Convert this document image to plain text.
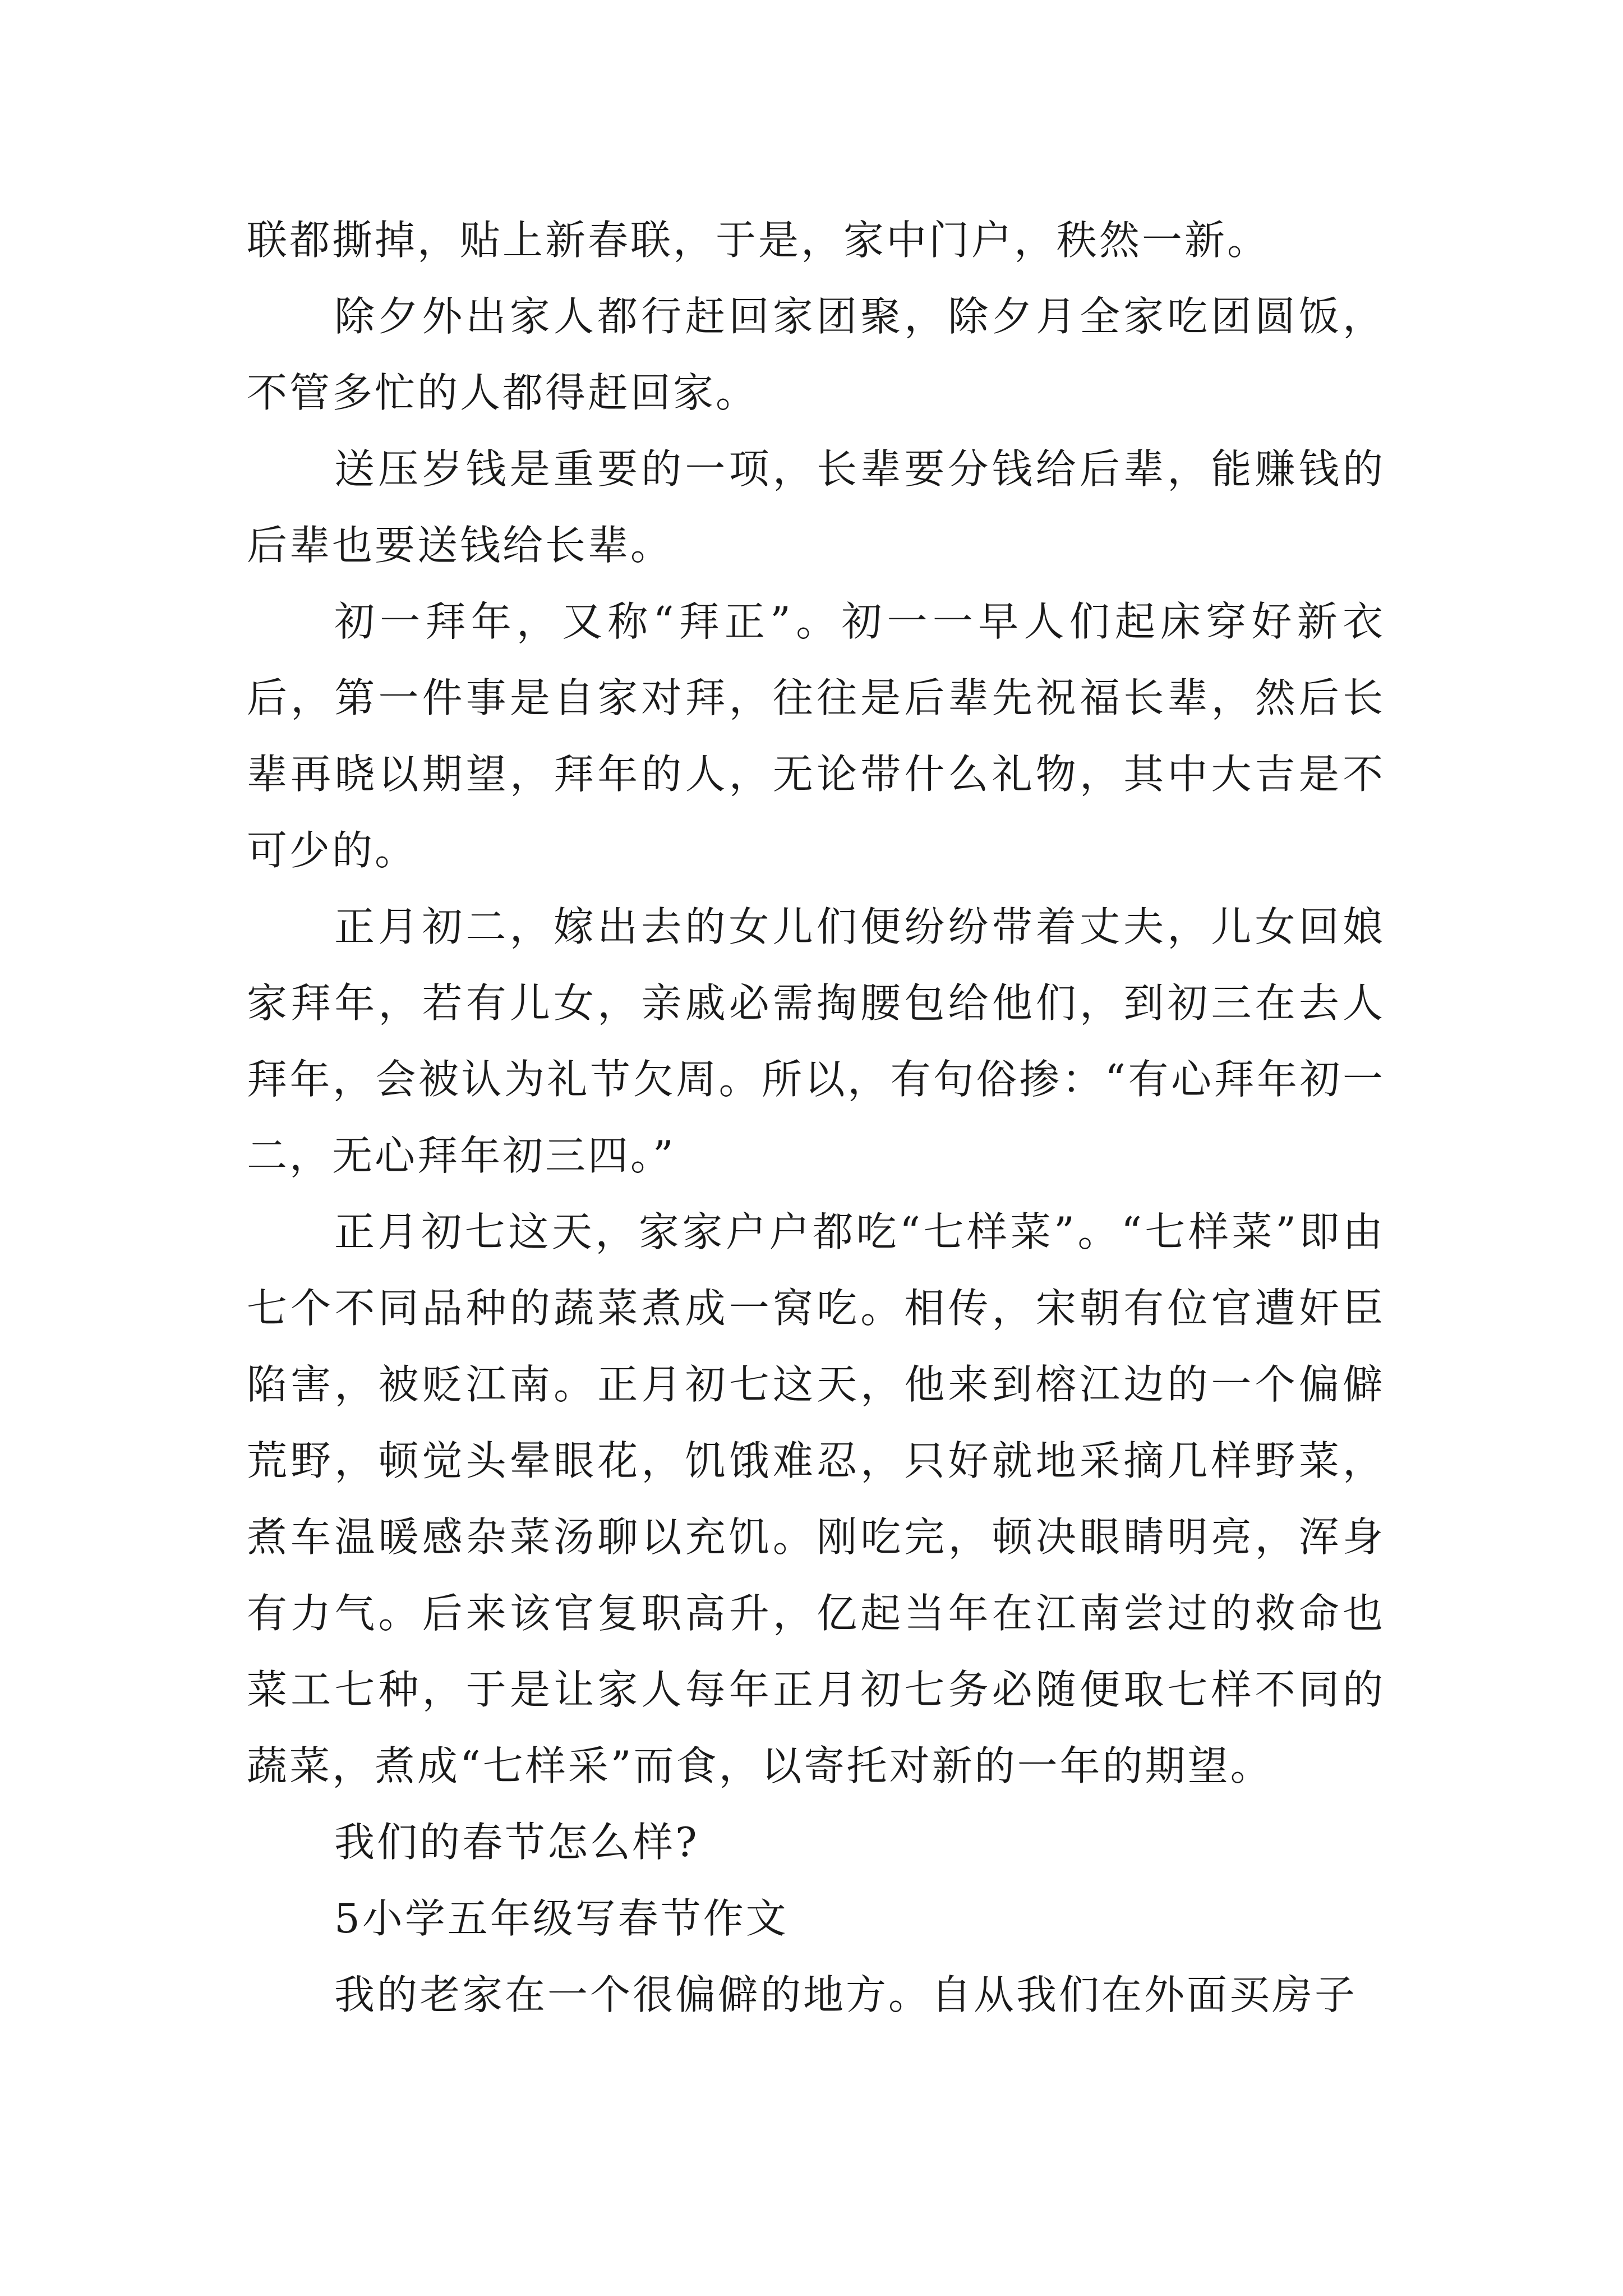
联都撕掉，贴上新春联，于是，家中门户，秩然一新。

除夕外出家人都行赶回家团聚，除夕月全家吃团圆饭，不管多忙的人都得赶回家。

送压岁钱是重要的一项，长辈要分钱给后辈，能赚钱的后辈也要送钱给长辈。

初一拜年，又称“拜正”。初一一早人们起床穿好新衣后，第一件事是自家对拜，往往是后辈先祝福长辈，然后长辈再晓以期望，拜年的人，无论带什么礼物，其中大吉是不可少的。

正月初二，嫁出去的女儿们便纷纷带着丈夫，儿女回娘家拜年，若有儿女，亲戚必需掏腰包给他们，到初三在去人拜年，会被认为礼节欠周。所以，有句俗掺：“有心拜年初一二，无心拜年初三四。”

正月初七这天，家家户户都吃“七样菜”。“七样菜”即由七个不同品种的蔬菜煮成一窝吃。相传，宋朝有位官遭奸臣陷害，被贬江南。正月初七这天，他来到榕江边的一个偏僻荒野，顿觉头晕眼花，饥饿难忍，只好就地采摘几样野菜，煮车温暖感杂菜汤聊以充饥。刚吃完，顿决眼睛明亮，浑身有力气。后来该官复职高升，亿起当年在江南尝过的救命也菜工七种，于是让家人每年正月初七务必随便取七样不同的蔬菜，煮成“七样采”而食，以寄托对新的一年的期望。

我们的春节怎么样?

5小学五年级写春节作文

我的老家在一个很偏僻的地方。自从我们在外面买房子
